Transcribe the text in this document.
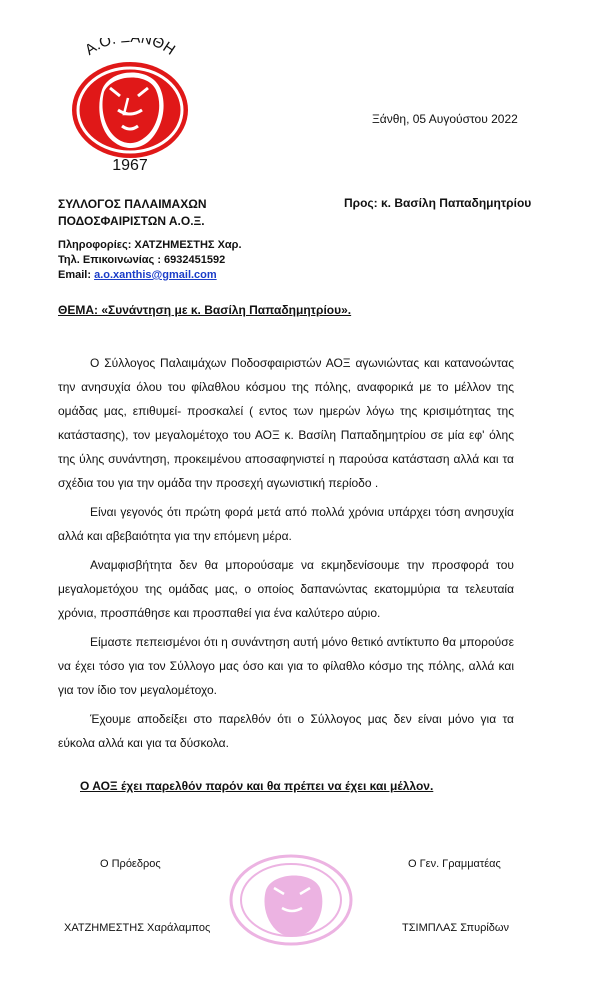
Α.Ο. ΝΘΗ
1967
Ξάνθη, 05 Αυγούστου 2022
ΣΥΛΛΟΓΟΣ ΠΑΛΑΙΜΑΧΩΝ
ΠΟΔΟΣΦΑΙΡΙΣΤΩΝ Α.Ο.Ξ.
Προς: κ. Βασίλη Παπαδημητρίου
Πληροφορίες: ΧΑΤΖΗΜΕΣΤΗΣ Χαρ.
Τηλ. Επικοινωνίας : 6932451592
Email: a.o.xanthis@gmail.com
ΘΕΜΑ: «Συνάντηση με κ. Βασίλη Παπαδημητρίου».

Ο Σύλλογος Παλαιμάχων Ποδοσφαιριστών ΑΟΞ αγωνιώντας και κατανοώντας την ανησυχία όλου του φίλαθλου κόσμου της πόλης, αναφορικά με το μέλλον της ομάδας μας, επιθυμεί- προσκαλεί ( εντος των ημερών λόγω της κρισιμότητας της κατάστασης), τον μεγαλομέτοχο του ΑΟΞ κ. Βασίλη Παπαδημητρίου σε μία εφ' όλης της ύλης συνάντηση, προκειμένου αποσαφηνιστεί η παρούσα κατάσταση αλλά και τα σχέδια του για την ομάδα την προσεχή αγωνιστική περίοδο .

Είναι γεγονός ότι πρώτη φορά μετά από πολλά χρόνια υπάρχει τόση ανησυχία αλλά και αβεβαιότητα για την επόμενη μέρα.

Αναμφισβήτητα δεν θα μπορούσαμε να εκμηδενίσουμε την προσφορά του μεγαλομετόχου της ομάδας μας, ο οποίος δαπανώντας εκατομμύρια τα τελευταία χρόνια, προσπάθησε και προσπαθεί για ένα καλύτερο αύριο.

Είμαστε πεπεισμένοι ότι η συνάντηση αυτή μόνο θετικό αντίκτυπο θα μπορούσε να έχει τόσο για τον Σύλλογο μας όσο και για το φίλαθλο κόσμο της πόλης, αλλά και για τον ίδιο τον μεγαλομέτοχο.

Έχουμε αποδείξει στο παρελθόν ότι ο Σύλλογος μας δεν είναι μόνο για τα εύκολα αλλά και για τα δύσκολα.

Ο ΑΟΞ έχει παρελθόν παρόν και θα πρέπει να έχει και μέλλον.
Ο Πρόεδρος	Ο Γεν. Γραμματέας
ΧΑΤΖΗΜΕΣΤΗΣ Χαράλαμπος	ΤΣΙΜΠΛΑΣ Σπυρίδων
